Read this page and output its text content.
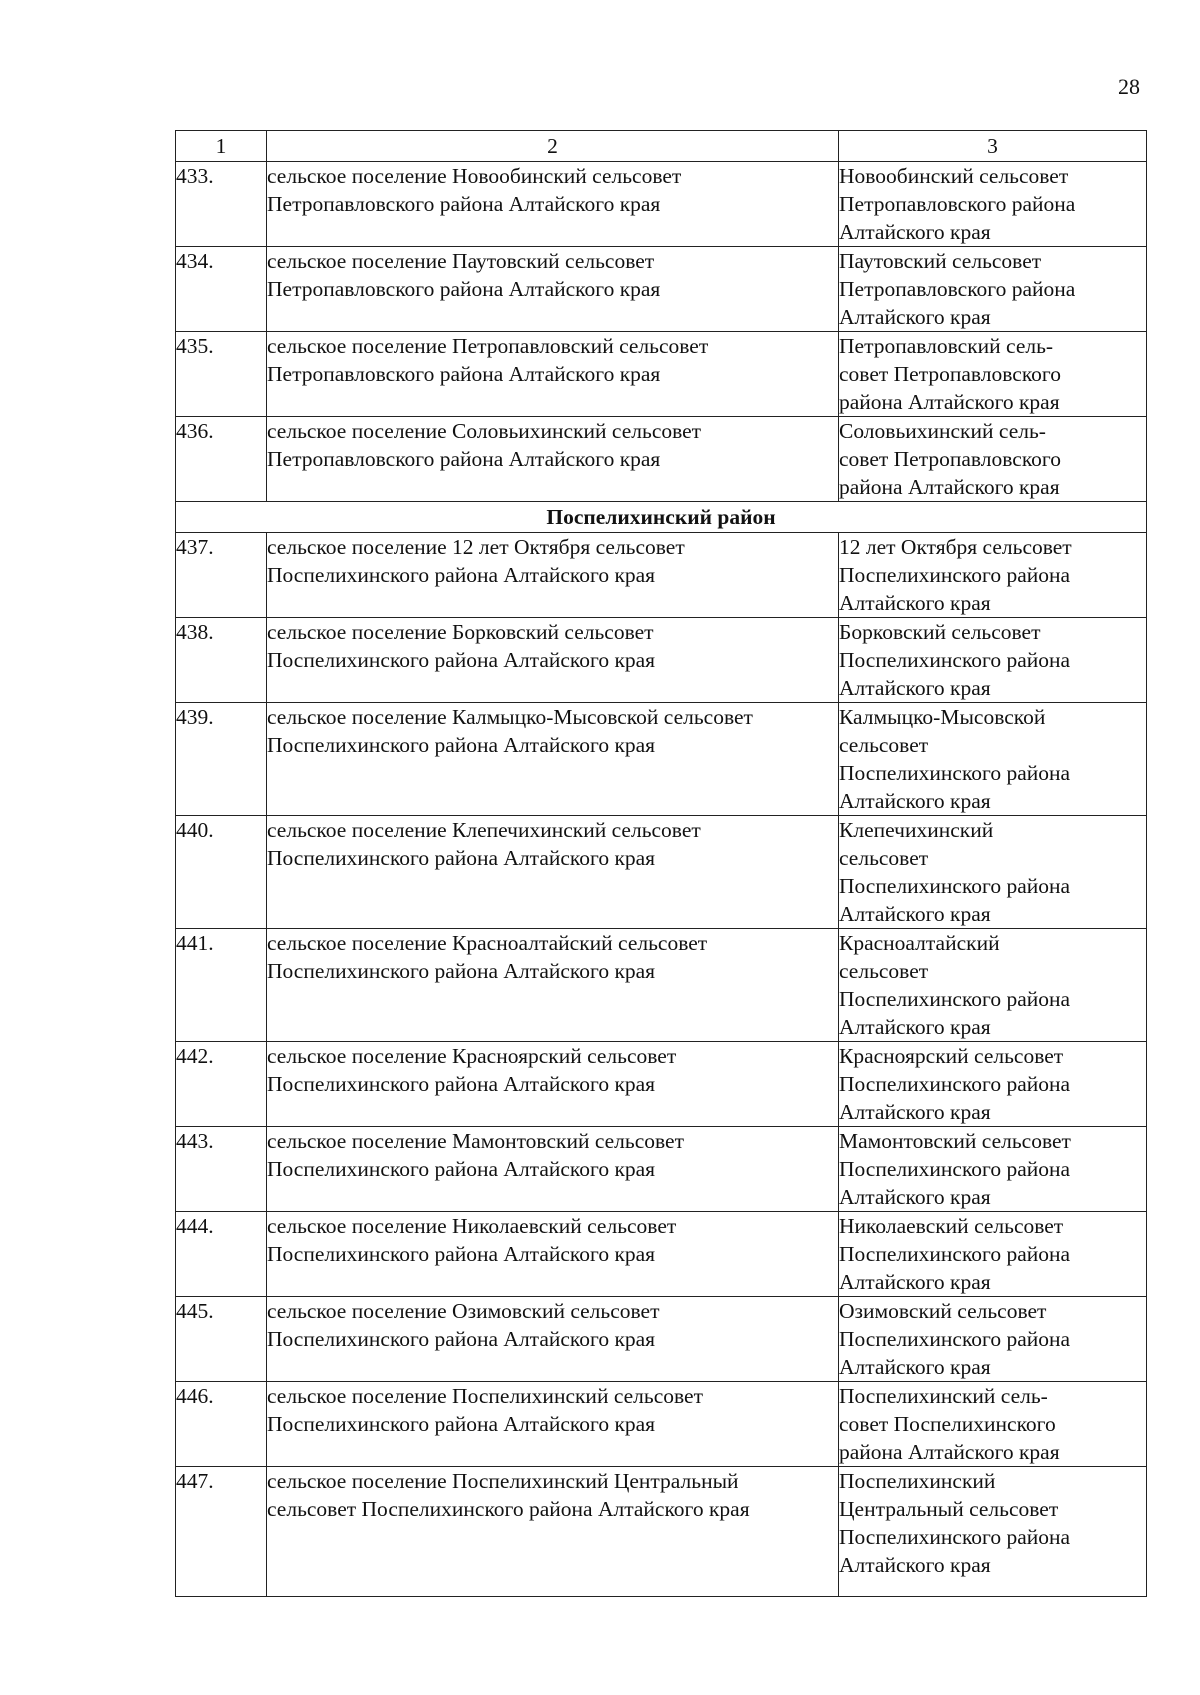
28
1	2	3
433.	сельское поселение Новообинский сельсовет
Петропавловского района Алтайского края	Новообинский сельсовет
Петропавловского района
Алтайского края

434.	сельское поселение Паутовский сельсовет
Петропавловского района Алтайского края	Паутовский сельсовет
Петропавловского района
Алтайского края

435.	сельское поселение Петропавловский сельсовет
Петропавловского района Алтайского края	Петропавловский сель-
совет Петропавловского
района Алтайского края

436.	сельское поселение Соловьихинский сельсовет
Петропавловского района Алтайского края	Соловьихинский сель-
совет Петропавловского
района Алтайского края

Поспелихинский район		
437.	сельское поселение 12 лет Октября сельсовет
Поспелихинского района Алтайского края	12 лет Октября сельсовет
Поспелихинского района
Алтайского края

438.	сельское поселение Борковский сельсовет
Поспелихинского района Алтайского края	Борковский сельсовет
Поспелихинского района
Алтайского края

439.	сельское поселение Калмыцко-Мысовской сельсовет
Поспелихинского района Алтайского края	Калмыцко-Мысовской
сельсовет
Поспелихинского района
Алтайского края

440.	сельское поселение Клепечихинский сельсовет
Поспелихинского района Алтайского края	Клепечихинский
сельсовет
Поспелихинского района
Алтайского края

441.	сельское поселение Красноалтайский сельсовет
Поспелихинского района Алтайского края	Красноалтайский
сельсовет
Поспелихинского района
Алтайского края

442.	сельское поселение Красноярский сельсовет
Поспелихинского района Алтайского края	Красноярский сельсовет
Поспелихинского района
Алтайского края

443.	сельское поселение Мамонтовский сельсовет
Поспелихинского района Алтайского края	Мамонтовский сельсовет
Поспелихинского района
Алтайского края

444.	сельское поселение Николаевский сельсовет
Поспелихинского района Алтайского края	Николаевский сельсовет
Поспелихинского района
Алтайского края

445.	сельское поселение Озимовский сельсовет
Поспелихинского района Алтайского края	Озимовский сельсовет
Поспелихинского района
Алтайского края

446.	сельское поселение Поспелихинский сельсовет
Поспелихинского района Алтайского края	Поспелихинский сель-
совет Поспелихинского
района Алтайского края

447.	сельское поселение Поспелихинский Центральный
сельсовет Поспелихинского района Алтайского края	Поспелихинский
Центральный сельсовет
Поспелихинского района
Алтайского края
